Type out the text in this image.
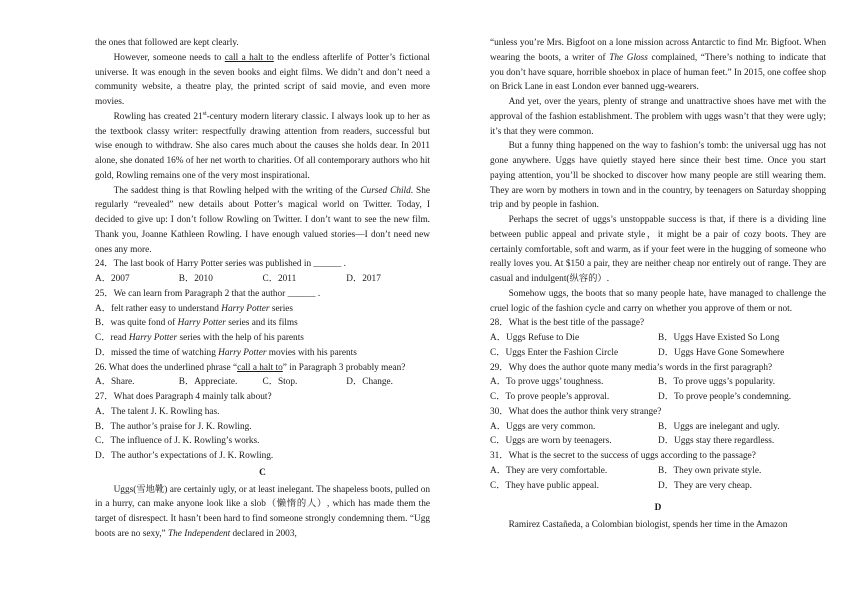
the ones that followed are kept clearly.

However, someone needs to call a halt to the endless afterlife of Potter’s fictional universe. It was enough in the seven books and eight films. We didn’t and don’t need a community website, a theatre play, the printed script of said movie, and even more movies.

Rowling has created 21st-century modern literary classic. I always look up to her as the textbook classy writer: respectfully drawing attention from readers, successful but wise enough to withdraw. She also cares much about the causes she holds dear. In 2011 alone, she donated 16% of her net worth to charities. Of all contemporary authors who hit gold, Rowling remains one of the very most inspirational.

The saddest thing is that Rowling helped with the writing of the Cursed Child. She regularly “revealed” new details about Potter’s magical world on Twitter. Today, I decided to give up: I don’t follow Rowling on Twitter. I don’t want to see the new film. Thank you, Joanne Kathleen Rowling. I have enough valued stories—I don’t need new ones any more.

24．The last book of Harry Potter series was published in ______ .

A．2007	B．2010	C．2011	D．2017

25．We can learn from Paragraph 2 that the author ______ .

A．felt rather easy to understand Harry Potter series

B．was quite fond of Harry Potter series and its films

C．read Harry Potter series with the help of his parents

D．missed the time of watching Harry Potter movies with his parents

26. What does the underlined phrase “call a halt to” in Paragraph 3 probably mean?

A．Share.	B．Appreciate.	C．Stop.	D．Change.

27．What does Paragraph 4 mainly talk about?

A．The talent J. K. Rowling has.

B．The author’s praise for J. K. Rowling.

C．The influence of J. K. Rowling’s works.

D．The author’s expectations of J. K. Rowling.

C

Uggs(雪地靴) are certainly ugly, or at least inelegant. The shapeless boots, pulled on in a hurry, can make anyone look like a slob（懒惰的人）, which has made them the target of disrespect. It hasn’t been hard to find someone strongly condemning them. “Ugg boots are no sexy,” The Independent declared in 2003,

“unless you’re Mrs. Bigfoot on a lone mission across Antarctic to find Mr. Bigfoot. When wearing the boots, a writer of The Gloss complained, “There’s nothing to indicate that you don’t have square, horrible shoebox in place of human feet.” In 2015, one coffee shop on Brick Lane in east London ever banned ugg-wearers.

And yet, over the years, plenty of strange and unattractive shoes have met with the approval of the fashion establishment. The problem with uggs wasn’t that they were ugly; it’s that they were common.

But a funny thing happened on the way to fashion’s tomb: the universal ugg has not gone anywhere. Uggs have quietly stayed here since their best time. Once you start paying attention, you’ll be shocked to discover how many people are still wearing them. They are worn by mothers in town and in the country, by teenagers on Saturday shopping trip and by people in fashion.

Perhaps the secret of uggs’s unstoppable success is that, if there is a dividing line between public appeal and private style，it might be a pair of cozy boots. They are certainly comfortable, soft and warm, as if your feet were in the hugging of someone who really loves you. At $150 a pair, they are neither cheap nor entirely out of range. They are casual and indulgent(纵容的）.

Somehow uggs, the boots that so many people hate, have managed to challenge the cruel logic of the fashion cycle and carry on whether you approve of them or not.

28．What is the best title of the passage?

A．Uggs Refuse to Die	B．Uggs Have Existed So Long
C．Uggs Enter the Fashion Circle	D．Uggs Have Gone Somewhere

29．Why does the author quote many media’s words in the first paragraph?

A．To prove uggs’ toughness.	B．To prove uggs’s popularity.
C．To prove people’s approval.	D．To prove people’s condemning.

30．What does the author think very strange?

A．Uggs are very common.	B．Uggs are inelegant and ugly.
C．Uggs are worn by teenagers.	D．Uggs stay there regardless.

31．What is the secret to the success of uggs according to the passage?

A．They are very comfortable.	B．They own private style.
C．They have public appeal.	D．They are very cheap.

D

Ramirez Castañeda, a Colombian biologist, spends her time in the Amazon
